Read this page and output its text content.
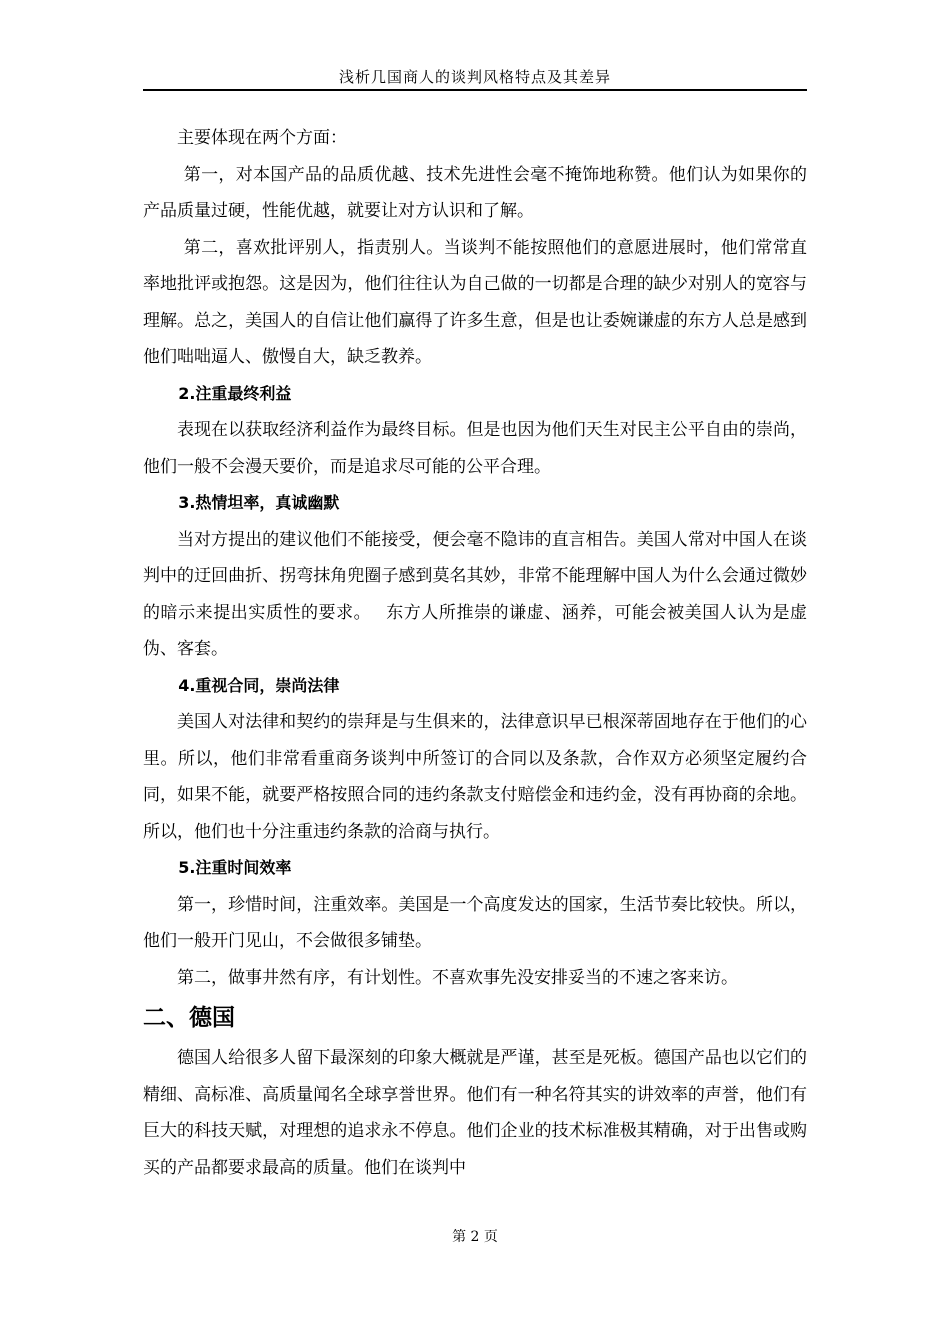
浅析几国商人的谈判风格特点及其差异

主要体现在两个方面：

第一，对本国产品的品质优越、技术先进性会毫不掩饰地称赞。他们认为如果你的产品质量过硬，性能优越，就要让对方认识和了解。

第二，喜欢批评别人，指责别人。当谈判不能按照他们的意愿进展时，他们常常直率地批评或抱怨。这是因为，他们往往认为自己做的一切都是合理的缺少对别人的宽容与理解。总之，美国人的自信让他们赢得了许多生意，但是也让委婉谦虚的东方人总是感到他们咄咄逼人、傲慢自大，缺乏教养。

2.注重最终利益

表现在以获取经济利益作为最终目标。但是也因为他们天生对民主公平自由的崇尚，他们一般不会漫天要价，而是追求尽可能的公平合理。

3.热情坦率，真诚幽默

当对方提出的建议他们不能接受，便会毫不隐讳的直言相告。美国人常对中国人在谈判中的迂回曲折、拐弯抹角兜圈子感到莫名其妙，非常不能理解中国人为什么会通过微妙的暗示来提出实质性的要求。　 东方人所推崇的谦虚、涵养，可能会被美国人认为是虚伪、客套。

4.重视合同，崇尚法律

美国人对法律和契约的崇拜是与生俱来的，法律意识早已根深蒂固地存在于他们的心里。所以，他们非常看重商务谈判中所签订的合同以及条款，合作双方必须坚定履约合同，如果不能，就要严格按照合同的违约条款支付赔偿金和违约金，没有再协商的余地。所以，他们也十分注重违约条款的洽商与执行。

5.注重时间效率

第一，珍惜时间，注重效率。美国是一个高度发达的国家，生活节奏比较快。所以，他们一般开门见山，不会做很多铺垫。

第二，做事井然有序，有计划性。不喜欢事先没安排妥当的不速之客来访。

二、德国

德国人给很多人留下最深刻的印象大概就是严谨，甚至是死板。德国产品也以它们的精细、高标准、高质量闻名全球享誉世界。他们有一种名符其实的讲效率的声誉，他们有巨大的科技天赋，对理想的追求永不停息。他们企业的技术标准极其精确，对于出售或购买的产品都要求最高的质量。他们在谈判中

第 2 页
